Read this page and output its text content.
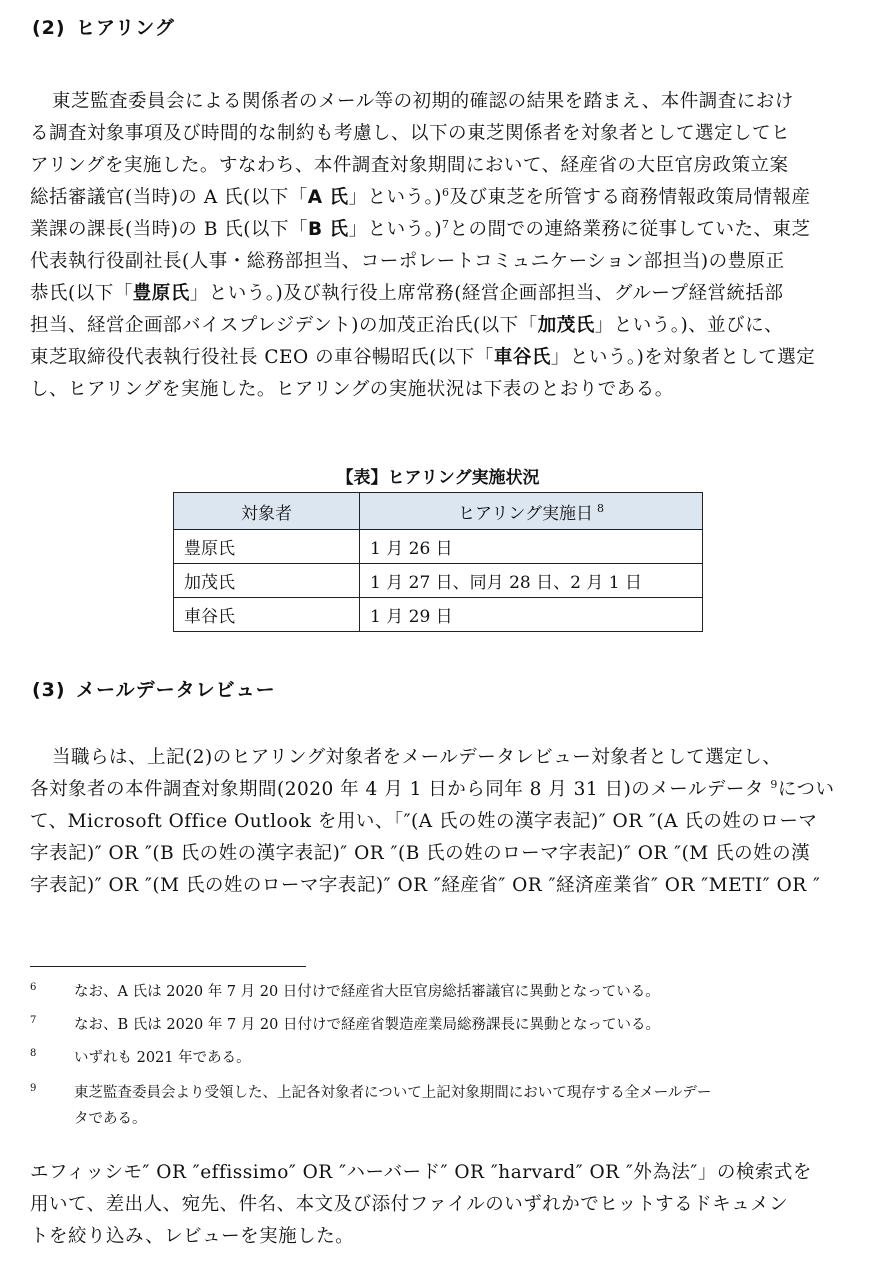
(2) ヒアリング
東芝監査委員会による関係者のメール等の初期的確認の結果を踏まえ、本件調査におけ
る調査対象事項及び時間的な制約も考慮し、以下の東芝関係者を対象者として選定してヒ
アリングを実施した。すなわち、本件調査対象期間において、経産省の大臣官房政策立案
総括審議官(当時)の A 氏(以下「A 氏」という。)$^6$及び東芝を所管する商務情報政策局情報産
業課の課長(当時)の B 氏(以下「B 氏」という。)$^7$との間での連絡業務に従事していた、東芝
代表執行役副社長(人事・総務部担当、コーポレートコミュニケーション部担当)の豊原正
恭氏(以下「豊原氏」という。)及び執行役上席常務(経営企画部担当、グループ経営統括部
担当、経営企画部バイスプレジデント)の加茂正治氏(以下「加茂氏」という。)、並びに、
東芝取締役代表執行役社長 CEO の車谷暢昭氏(以下「車谷氏」という。)を対象者として選定
し、ヒアリングを実施した。ヒアリングの実施状況は下表のとおりである。
【表】ヒアリング実施状況
対象者	ヒアリング実施日 $^8$
豊原氏	1 月 26 日
加茂氏	1 月 27 日、同月 28 日、2 月 1 日
車谷氏	1 月 29 日
(3) メールデータレビュー
当職らは、上記(2)のヒアリング対象者をメールデータレビュー対象者として選定し、
各対象者の本件調査対象期間(2020 年 4 月 1 日から同年 8 月 31 日)のメールデータ $^9$につい
て、Microsoft Office Outlook を用い、「″(A 氏の姓の漢字表記)″ OR ″(A 氏の姓のローマ
字表記)″ OR ″(B 氏の姓の漢字表記)″ OR ″(B 氏の姓のローマ字表記)″ OR ″(M 氏の姓の漢
字表記)″ OR ″(M 氏の姓のローマ字表記)″ OR ″経産省″ OR ″経済産業省″ OR ″METI″ OR ″
6	なお、A 氏は 2020 年 7 月 20 日付けで経産省大臣官房総括審議官に異動となっている。
7	なお、B 氏は 2020 年 7 月 20 日付けで経産省製造産業局総務課長に異動となっている。
8	いずれも 2021 年である。
9	東芝監査委員会より受領した、上記各対象者について上記対象期間において現存する全メールデー
タである。
エフィッシモ″ OR ″effissimo″ OR ″ハーバード″ OR ″harvard″ OR ″外為法″」の検索式を
用いて、差出人、宛先、件名、本文及び添付ファイルのいずれかでヒットするドキュメン
トを絞り込み、レビューを実施した。
